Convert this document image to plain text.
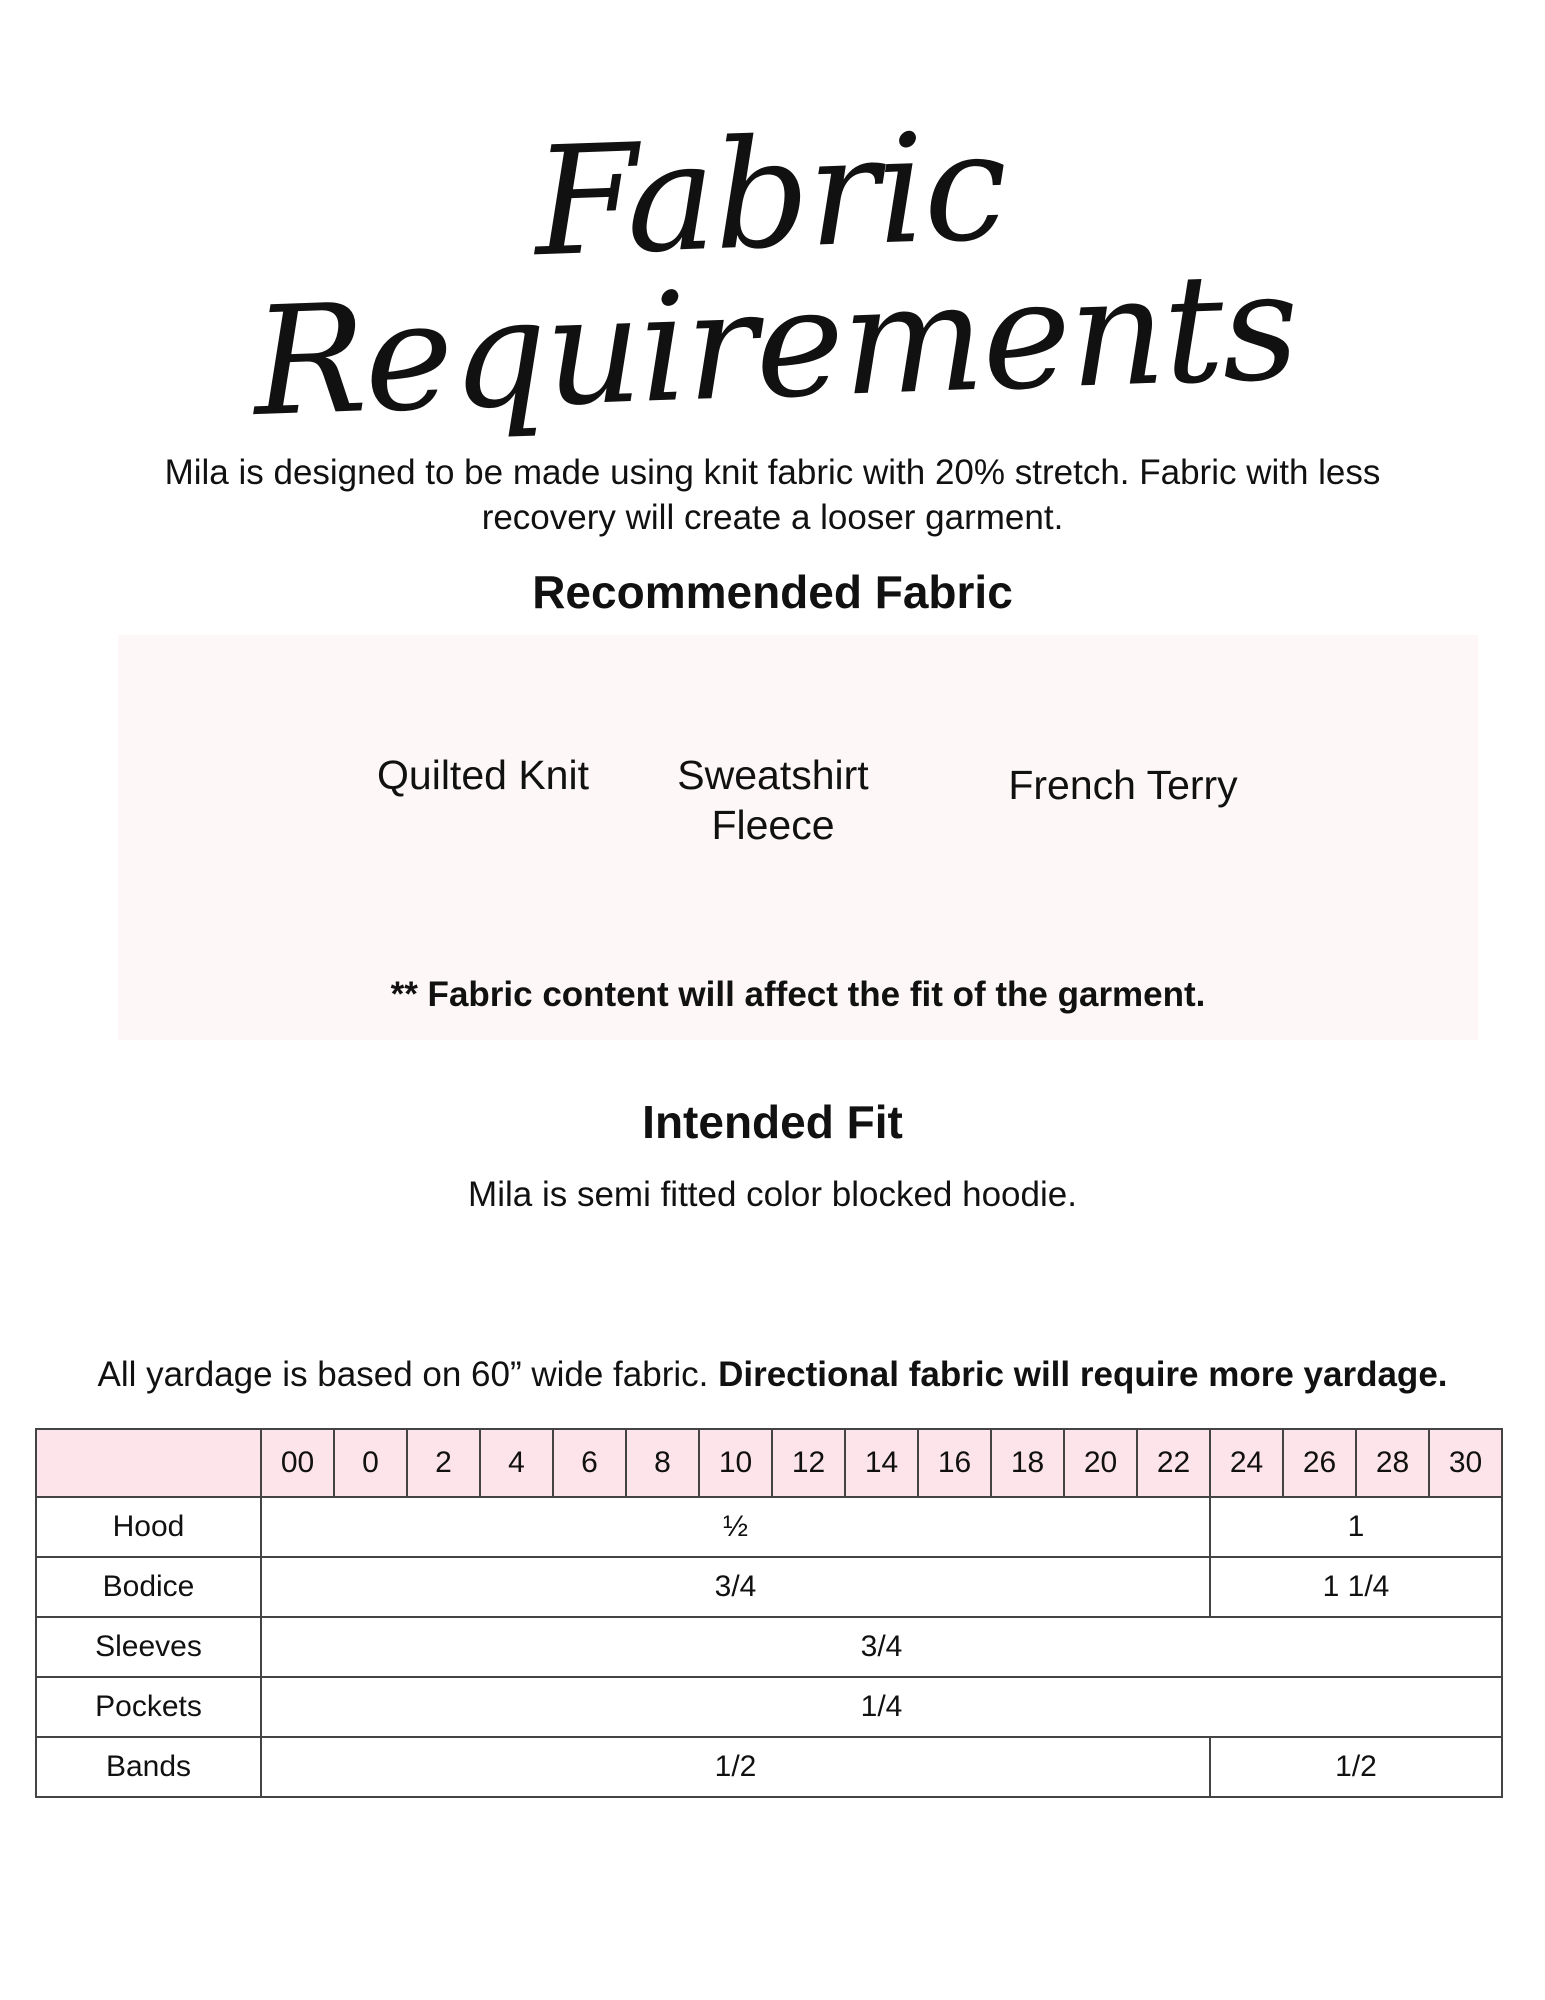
Fabric Requirements
Mila is designed to be made using knit fabric with 20% stretch. Fabric with less recovery will create a looser garment.
Recommended Fabric
Quilted Knit	Sweatshirt Fleece
French Terry
** Fabric content will affect the fit of the garment.
Intended Fit
Mila is semi fitted color blocked hoodie.
All yardage is based on 60” wide fabric. Directional fabric will require more yardage.
	00	0	2	4	6	8	10	12	14	16	18	20	22	24	26	28	30
Hood	½													1			
Bodice	3/4													1 1/4			
Sleeves	3/4																
Pockets	1/4																
Bands	1/2													1/2			
